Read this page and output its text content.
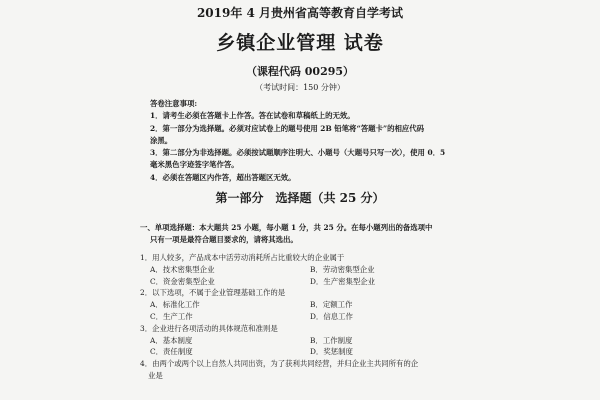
2019年 4 月贵州省高等教育自学考试
乡镇企业管理 试卷
（课程代码 00295）
（考试时间：150 分钟）
答卷注意事项:
1．请考生必须在答题卡上作答。答在试卷和草稿纸上的无效。
2．第一部分为选择题。必须对应试卷上的题号使用 2B 铅笔将“答题卡”的相应代码
涂黑。
3．第二部分为非选择题。必须按试题顺序注明大、小题号（大题号只写一次），使用 0．5
毫米黑色字迹签字笔作答。
4．必须在答题区内作答，超出答题区无效。
第一部分 选择题（共 25 分）
一、单项选择题：本大题共 25 小题，每小题 1 分，共 25 分。在每小题列出的备选项中
只有一项是最符合题目要求的，请将其选出。
1．用人较多，产品成本中活劳动消耗所占比重较大的企业属于
A．技术密集型企业	B．劳动密集型企业
C．资金密集型企业	D．生产密集型企业
2．以下选项，不属于企业管理基础工作的是
A．标准化工作	B．定额工作
C．生产工作	D．信息工作
3．企业进行各项活动的具体规范和准则是
A．基本制度	B．工作制度
C．责任制度	D．奖惩制度
4．由两个或两个以上自然人共同出资，为了获利共同经营，并归企业主共同所有的企
业是
